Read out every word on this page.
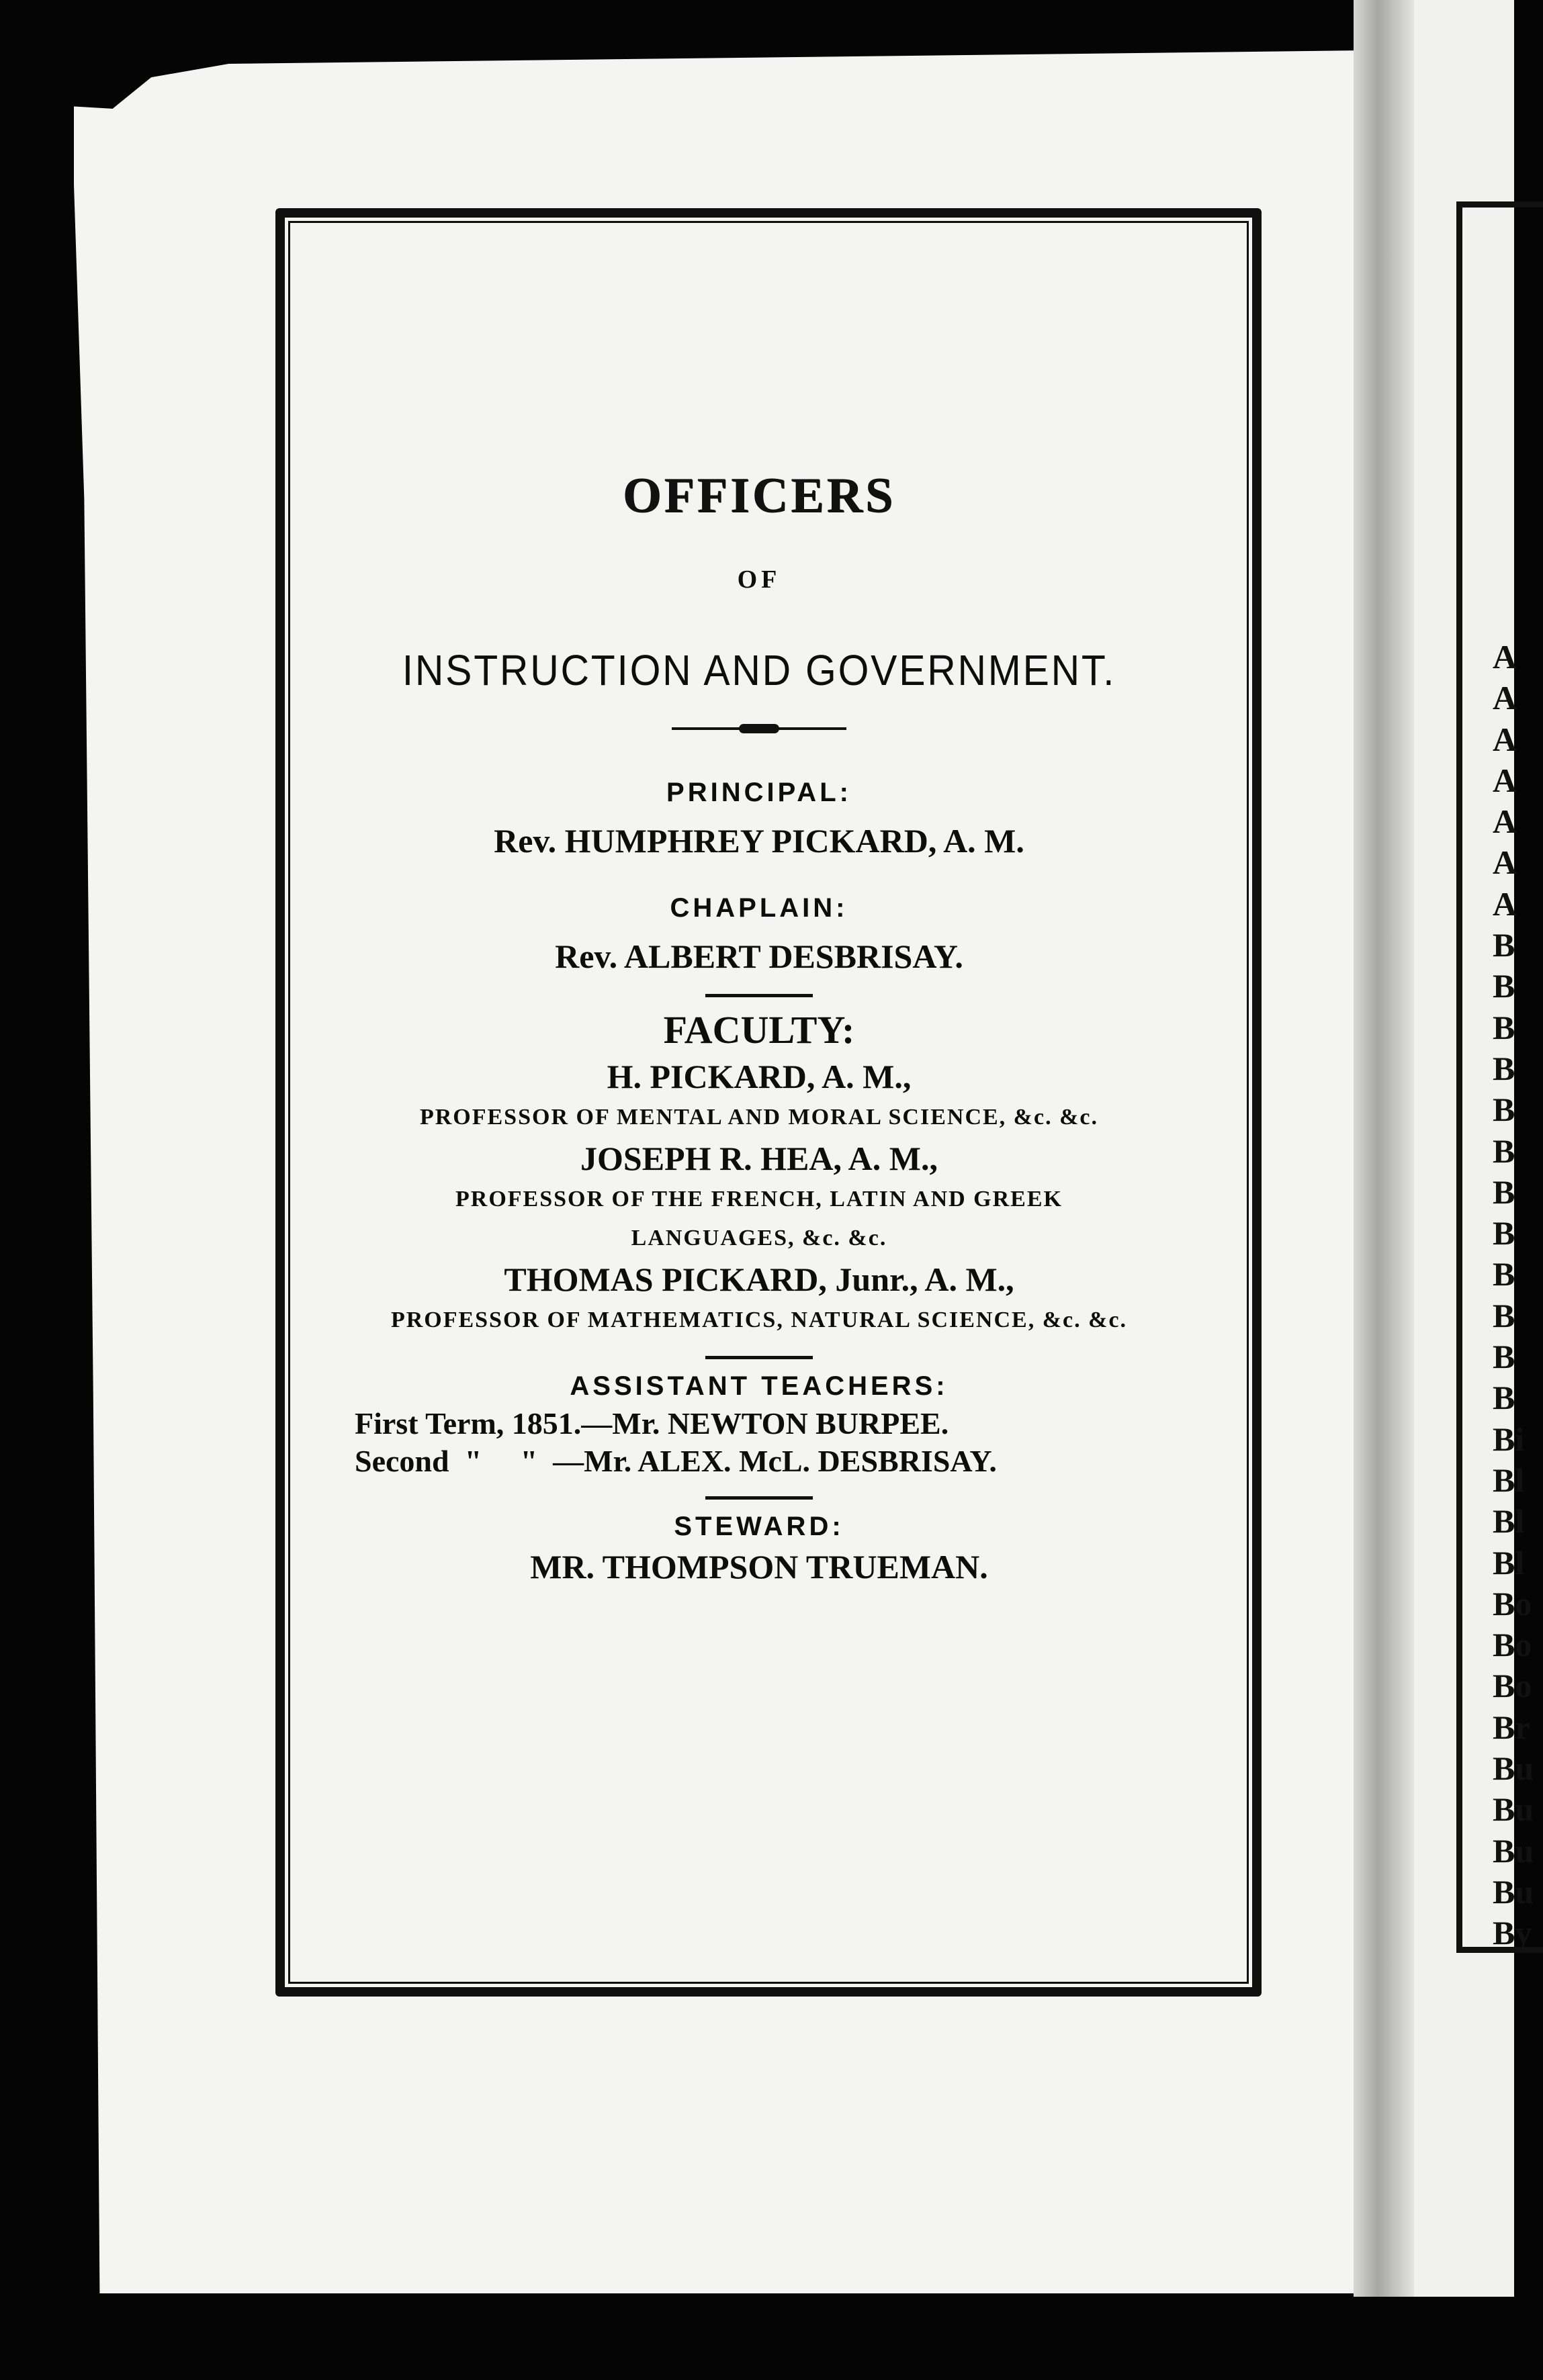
A
A
A
A
A
A
A
B
B
B
B
B
B
B
B
B
B
B
B
Bi
Bl
Bl
Bl
Bo
Bo
Bo
Br
Bu
Bu
Bu
Bu
By
OFFICERS
OF
INSTRUCTION AND GOVERNMENT.
PRINCIPAL:
Rev. HUMPHREY PICKARD, A. M.
CHAPLAIN:
Rev. ALBERT DESBRISAY.
FACULTY:
H. PICKARD, A. M.,
PROFESSOR OF MENTAL AND MORAL SCIENCE, &c. &c.
JOSEPH R. HEA, A. M.,
PROFESSOR OF THE FRENCH, LATIN AND GREEK
LANGUAGES, &c. &c.
THOMAS PICKARD, Junr., A. M.,
PROFESSOR OF MATHEMATICS, NATURAL SCIENCE, &c. &c.
ASSISTANT TEACHERS:
First Term, 1851.—Mr. NEWTON BURPEE.
Second  "     "  —Mr. ALEX. McL. DESBRISAY.
STEWARD:
MR. THOMPSON TRUEMAN.
